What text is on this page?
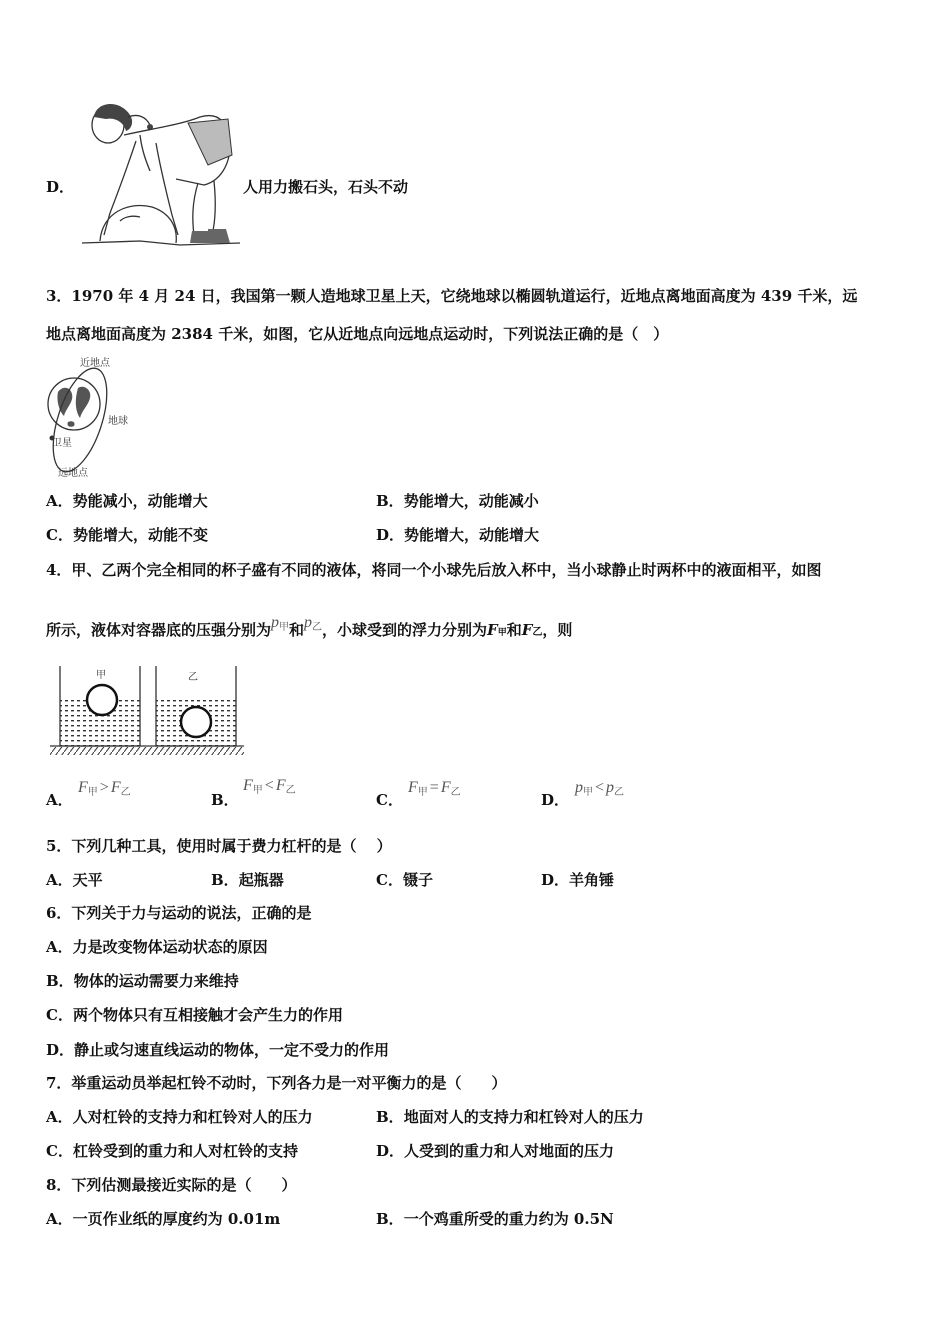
D．	人用力搬石头，石头不动
3．1970 年 4 月 24 日，我国第一颗人造地球卫星上天，它绕地球以椭圆轨道运行，近地点离地面高度为 439 千米，远
地点离地面高度为 2384 千米，如图，它从近地点向远地点运动时，下列说法正确的是（　）
近地点
地球
卫星
远地点
A．势能减小，动能增大	B．势能增大，动能减小
C．势能增大，动能不变	D．势能增大，动能增大
4．甲、乙两个完全相同的杯子盛有不同的液体，将同一个小球先后放入杯中，当小球静止时两杯中的液面相平，如图
所示，液体对容器底的压强分别为$p_甲$和$p_乙$，小球受到的浮力分别为F甲和F乙，则
甲	乙
A．
$F_甲 > F_乙$	B．
$F_甲 < F_乙$
C．
$F_甲 = F_乙$	D．
$p_甲 < p_乙$
5．下列几种工具，使用时属于费力杠杆的是（　 ）
A．天平	B．起瓶器	C．镊子	D．羊角锤
6．下列关于力与运动的说法，正确的是
A．力是改变物体运动状态的原因
B．物体的运动需要力来维持
C．两个物体只有互相接触才会产生力的作用
D．静止或匀速直线运动的物体，一定不受力的作用
7．举重运动员举起杠铃不动时，下列各力是一对平衡力的是（　　）
A．人对杠铃的支持力和杠铃对人的压力	B．地面对人的支持力和杠铃对人的压力
C．杠铃受到的重力和人对杠铃的支持	D．人受到的重力和人对地面的压力
8．下列估测最接近实际的是（　　）
A．一页作业纸的厚度约为 0.01m	B．一个鸡重所受的重力约为 0.5N
